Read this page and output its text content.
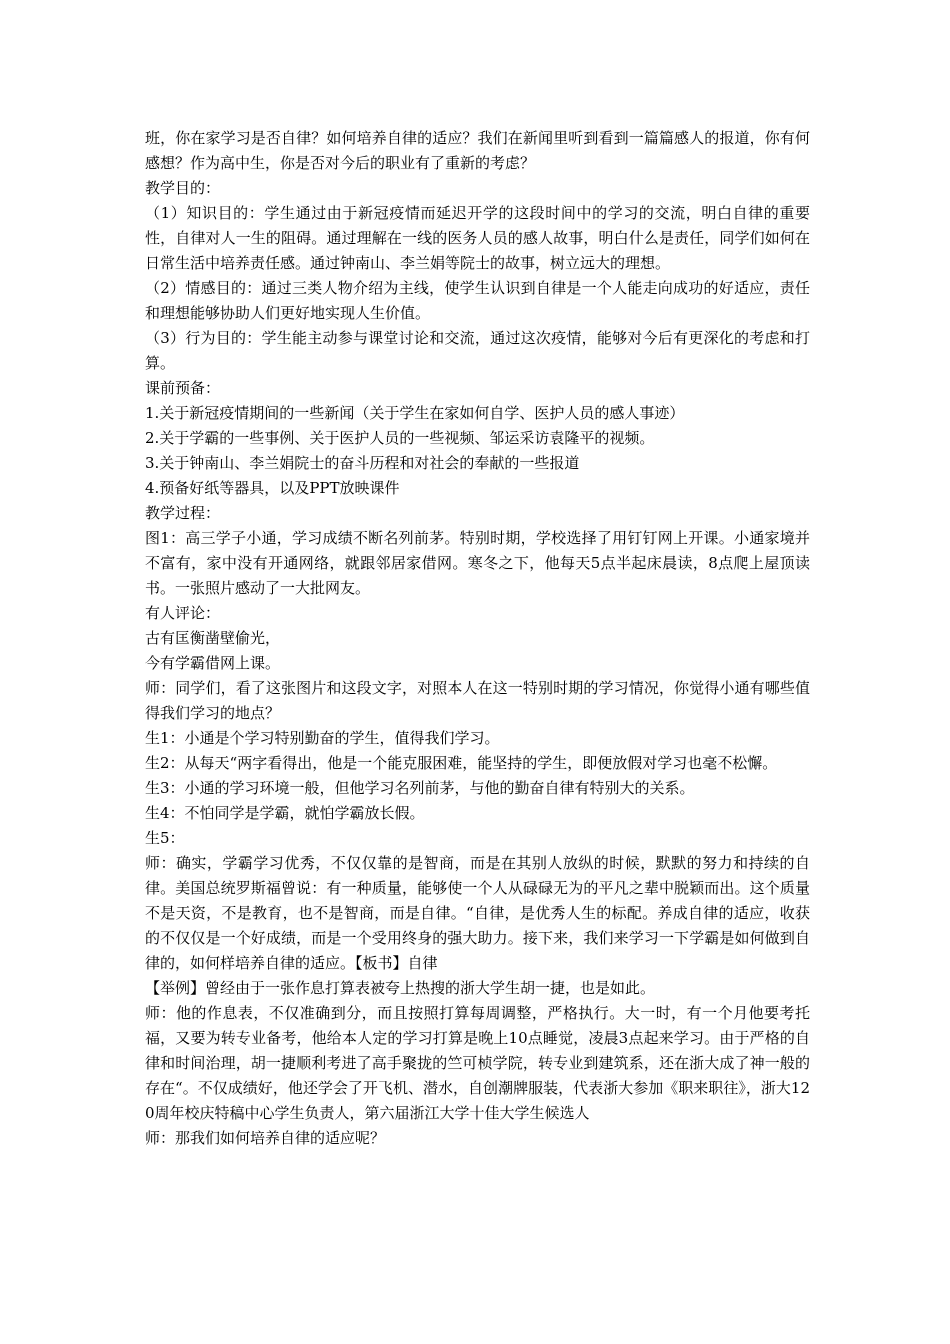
班，你在家学习是否自律？如何培养自律的适应？我们在新闻里听到看到一篇篇感人的报道，你有何感想？作为高中生，你是否对今后的职业有了重新的考虑？

教学目的：

（1）知识目的：学生通过由于新冠疫情而延迟开学的这段时间中的学习的交流，明白自律的重要性，自律对人一生的阻碍。通过理解在一线的医务人员的感人故事，明白什么是责任，同学们如何在日常生活中培养责任感。通过钟南山、李兰娟等院士的故事，树立远大的理想。

（2）情感目的：通过三类人物介绍为主线，使学生认识到自律是一个人能走向成功的好适应，责任和理想能够协助人们更好地实现人生价值。

（3）行为目的：学生能主动参与课堂讨论和交流，通过这次疫情，能够对今后有更深化的考虑和打算。

课前预备：

1.关于新冠疫情期间的一些新闻（关于学生在家如何自学、医护人员的感人事迹）

2.关于学霸的一些事例、关于医护人员的一些视频、邹运采访袁隆平的视频。

3.关于钟南山、李兰娟院士的奋斗历程和对社会的奉献的一些报道

4.预备好纸等器具，以及PPT放映课件

教学过程：

图1：高三学子小通，学习成绩不断名列前茅。特别时期，学校选择了用钉钉网上开课。小通家境并不富有，家中没有开通网络，就跟邻居家借网。寒冬之下，他每天5点半起床晨读，8点爬上屋顶读书。一张照片感动了一大批网友。

有人评论：

古有匡衡凿壁偷光，

今有学霸借网上课。

师：同学们，看了这张图片和这段文字，对照本人在这一特别时期的学习情况，你觉得小通有哪些值得我们学习的地点？

生1：小通是个学习特别勤奋的学生，值得我们学习。

生2：从每天“两字看得出，他是一个能克服困难，能坚持的学生，即便放假对学习也毫不松懈。

生3：小通的学习环境一般，但他学习名列前茅，与他的勤奋自律有特别大的关系。

生4：不怕同学是学霸，就怕学霸放长假。

生5：

师：确实，学霸学习优秀，不仅仅靠的是智商，而是在其别人放纵的时候，默默的努力和持续的自律。美国总统罗斯福曾说：有一种质量，能够使一个人从碌碌无为的平凡之辈中脱颖而出。这个质量不是天资，不是教育，也不是智商，而是自律。“自律，是优秀人生的标配。养成自律的适应，收获的不仅仅是一个好成绩，而是一个受用终身的强大助力。接下来，我们来学习一下学霸是如何做到自律的，如何样培养自律的适应。【板书】自律

【举例】曾经由于一张作息打算表被夸上热搜的浙大学生胡一捷，也是如此。

师：他的作息表，不仅准确到分，而且按照打算每周调整，严格执行。大一时，有一个月他要考托福，又要为转专业备考，他给本人定的学习打算是晚上10点睡觉，凌晨3点起来学习。由于严格的自律和时间治理，胡一捷顺利考进了高手聚拢的竺可桢学院，转专业到建筑系，还在浙大成了神一般的存在“。不仅成绩好，他还学会了开飞机、潜水，自创潮牌服装，代表浙大参加《职来职往》，浙大120周年校庆特稿中心学生负责人，第六届浙江大学十佳大学生候选人

师：那我们如何培养自律的适应呢？
